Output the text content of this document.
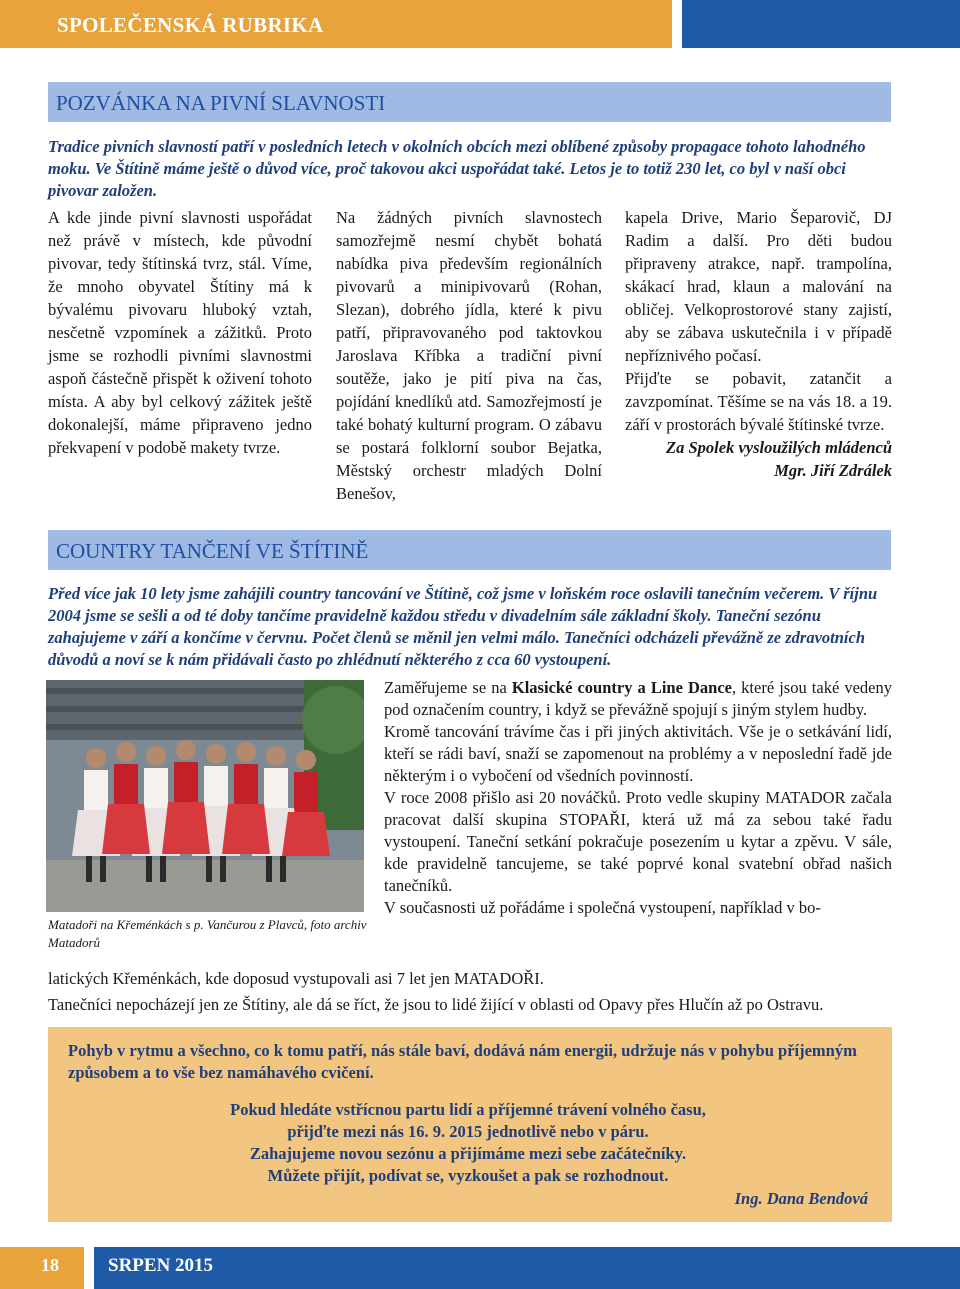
SPOLEČENSKÁ RUBRIKA
POZVÁNKA NA PIVNÍ SLAVNOSTI

Tradice pivních slavností patří v posledních letech v okolních obcích mezi oblíbené způsoby propagace tohoto lahodného moku. Ve Štítině máme ještě o důvod více, proč takovou akci uspořádat také. Letos je to totiž 230 let, co byl v naší obci pivovar založen.

A kde jinde pivní slavnosti uspořádat než právě v místech, kde původní pivovar, tedy štítinská tvrz, stál. Víme, že mnoho obyvatel Štítiny má k bývalému pivovaru hluboký vztah, nesčetně vzpomínek a zážitků. Proto jsme se rozhodli pivními slavnostmi aspoň částečně přispět k oživení tohoto místa. A aby byl celkový zážitek ještě dokonalejší, máme připraveno jedno překvapení v podobě makety tvrze.

Na žádných pivních slavnostech samozřejmě nesmí chybět bohatá nabídka piva především regionálních pivovarů a minipivovarů (Rohan, Slezan), dobrého jídla, které k pivu patří, připravovaného pod taktovkou Jaroslava Kříbka a tradiční pivní soutěže, jako je pití piva na čas, pojídání knedlíků atd. Samozřejmostí je také bohatý kulturní program. O zábavu se postará folklorní soubor Bejatka, Městský orchestr mladých Dolní Benešov,

kapela Drive, Mario Šeparovič, DJ Radim a další. Pro děti budou připraveny atrakce, např. trampolína, skákací hrad, klaun a malování na obličej. Velkoprostorové stany zajistí, aby se zábava uskutečnila i v případě nepříznivého počasí.

Přijďte se pobavit, zatančit a zavzpomínat. Těšíme se na vás 18. a 19. září v prostorách bývalé štítinské tvrze.

Za Spolek vysloužilých mládenců

Mgr. Jiří Zdrálek

COUNTRY TANČENÍ VE ŠTÍTINĚ

Před více jak 10 lety jsme zahájili country tancování ve Štítině, což jsme v loňském roce oslavili tanečním večerem. V říjnu 2004 jsme se sešli a od té doby tančíme pravidelně každou středu v divadelním sále základní školy. Taneční sezónu zahajujeme v září a končíme v červnu. Počet členů se měnil jen velmi málo. Tanečníci odcházeli převážně ze zdravotních důvodů a noví se k nám přidávali často po zhlédnutí některého z cca 60 vystoupení.

Matadoři na Křeménkách s p. Vančurou z Plavců, foto archiv Matadorů

Zaměřujeme se na Klasické country a Line Dance, které jsou také vedeny pod označením country, i když se převážně spojují s jiným stylem hudby.

Kromě tancování trávíme čas i při jiných aktivitách. Vše je o setkávání lidí, kteří se rádi baví, snaží se zapomenout na problémy a v neposlední řadě jde některým i o vybočení od všedních povinností.

V roce 2008 přišlo asi 20 nováčků. Proto vedle skupiny MATADOR začala pracovat další skupina STOPAŘI, která už má za sebou také řadu vystoupení. Taneční setkání pokračuje posezením u kytar a zpěvu. V sále, kde pravidelně tancujeme, se také poprvé konal svatební obřad našich tanečníků.

V současnosti už pořádáme i společná vystoupení, například v bo-

latických Křeménkách, kde doposud vystupovali asi 7 let jen MATADOŘI.

Tanečníci nepocházejí jen ze Štítiny, ale dá se říct, že jsou to lidé žijící v oblasti od Opavy přes Hlučín až po Ostravu.

Pohyb v rytmu a všechno, co k tomu patří, nás stále baví, dodává nám energii, udržuje nás v pohybu příjemným způsobem a to vše bez namáhavého cvičení.

Pokud hledáte vstřícnou partu lidí a příjemné trávení volného času,
přijďte mezi nás 16. 9. 2015 jednotlivě nebo v páru.
Zahajujeme novou sezónu a přijímáme mezi sebe začátečníky.
Můžete přijít, podívat se, vyzkoušet a pak se rozhodnout.

Ing. Dana Bendová

18	SRPEN 2015
